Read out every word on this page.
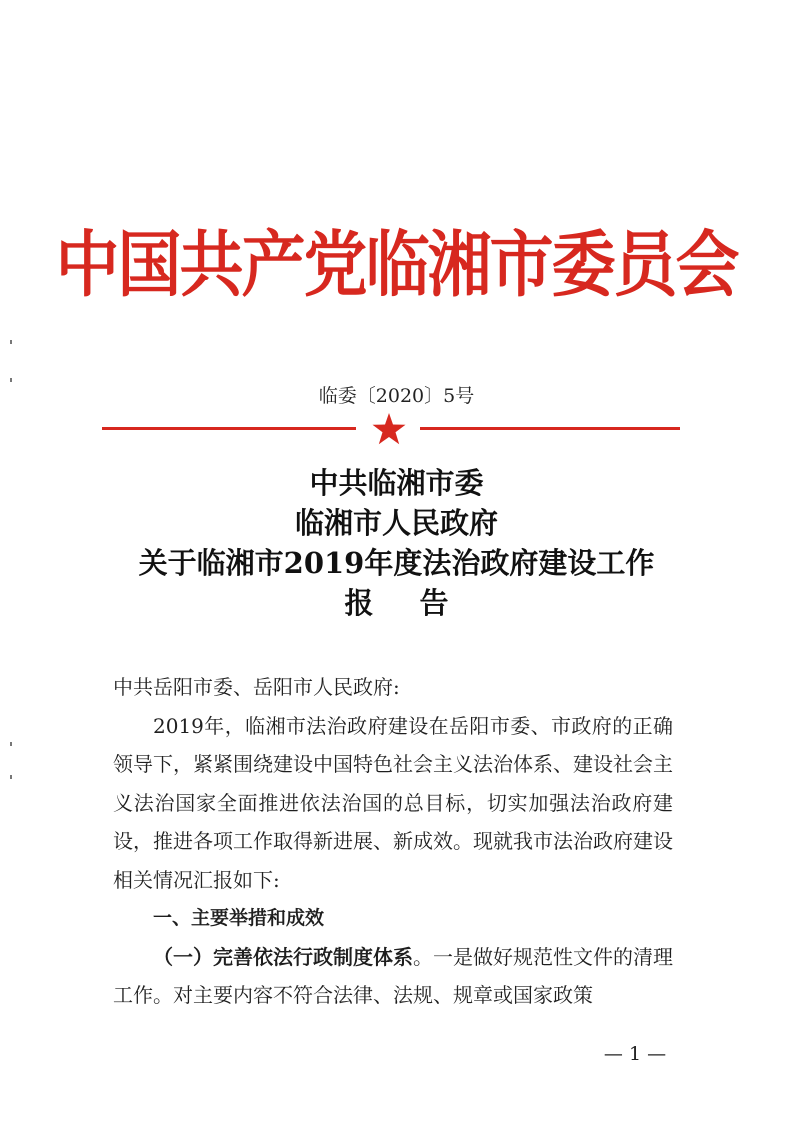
中国共产党临湘市委员会
临委〔2020〕5号
中共临湘市委
临湘市人民政府
关于临湘市2019年度法治政府建设工作
报告

中共岳阳市委、岳阳市人民政府:

2019年，临湘市法治政府建设在岳阳市委、市政府的正确领导下，紧紧围绕建设中国特色社会主义法治体系、建设社会主义法治国家全面推进依法治国的总目标，切实加强法治政府建设，推进各项工作取得新进展、新成效。现就我市法治政府建设相关情况汇报如下:

一、主要举措和成效

（一）完善依法行政制度体系。一是做好规范性文件的清理工作。对主要内容不符合法律、法规、规章或国家政策

— 1 —
